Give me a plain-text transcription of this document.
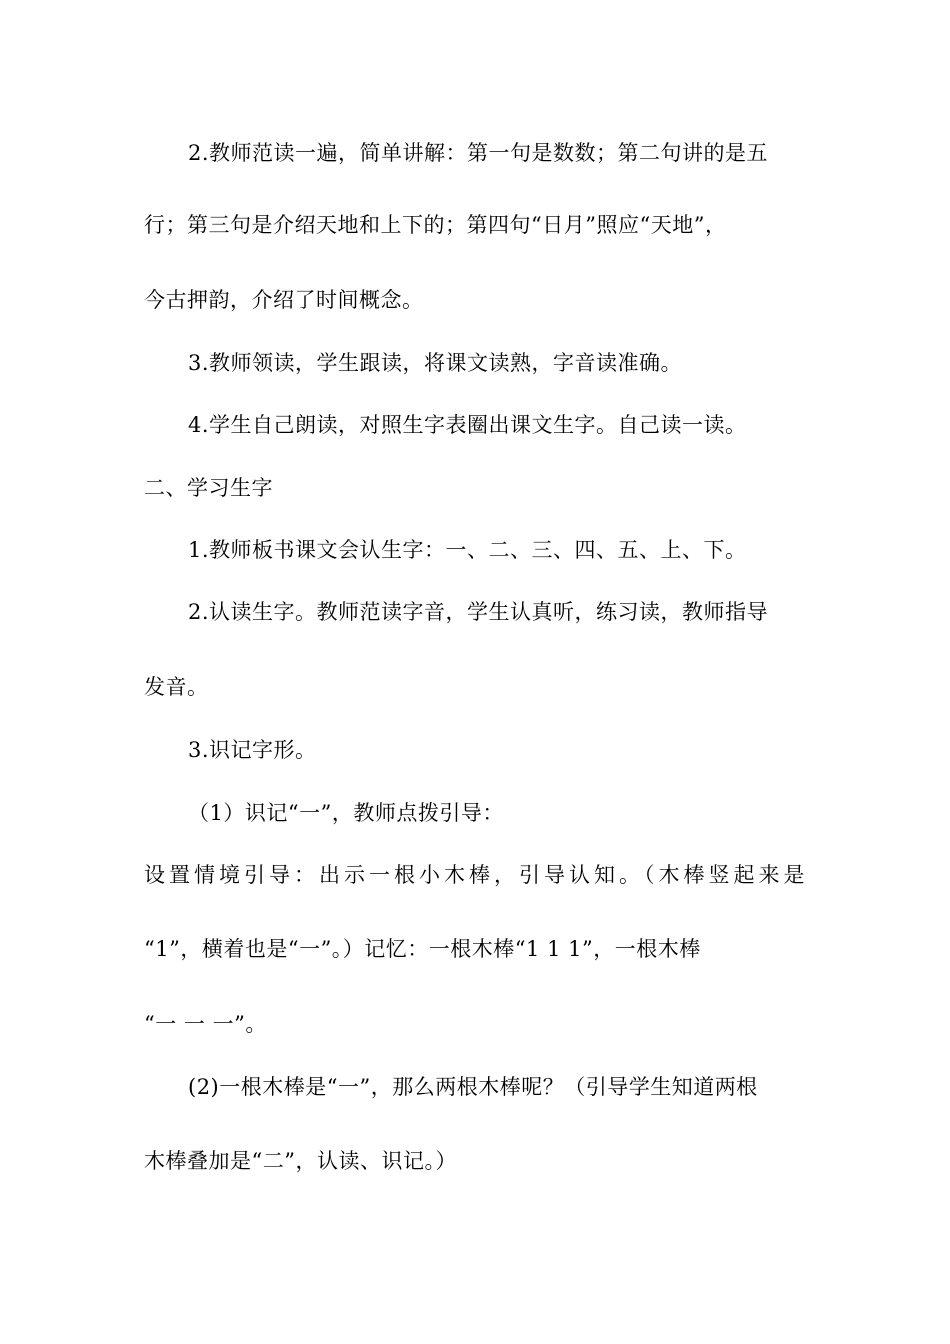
2.教师范读一遍，简单讲解：第一句是数数；第二句讲的是五
行；第三句是介绍天地和上下的；第四句“日月”照应“天地”，
今古押韵，介绍了时间概念。
3.教师领读，学生跟读，将课文读熟，字音读准确。
4.学生自己朗读，对照生字表圈出课文生字。自己读一读。
二、学习生字
1.教师板书课文会认生字：一、二、三、四、五、上、下。
2.认读生字。教师范读字音，学生认真听，练习读，教师指导
发音。
3.识记字形。
（1）识记“一”，教师点拨引导：
设置情境引导：出示一根小木棒，引导认知。（木棒竖起来是
“1”，横着也是“一”。）记忆：一根木棒“1 1 1”，一根木棒
“一 一 一”。
(2)一根木棒是“一”，那么两根木棒呢？（引导学生知道两根
木棒叠加是“二”，认读、识记。）
